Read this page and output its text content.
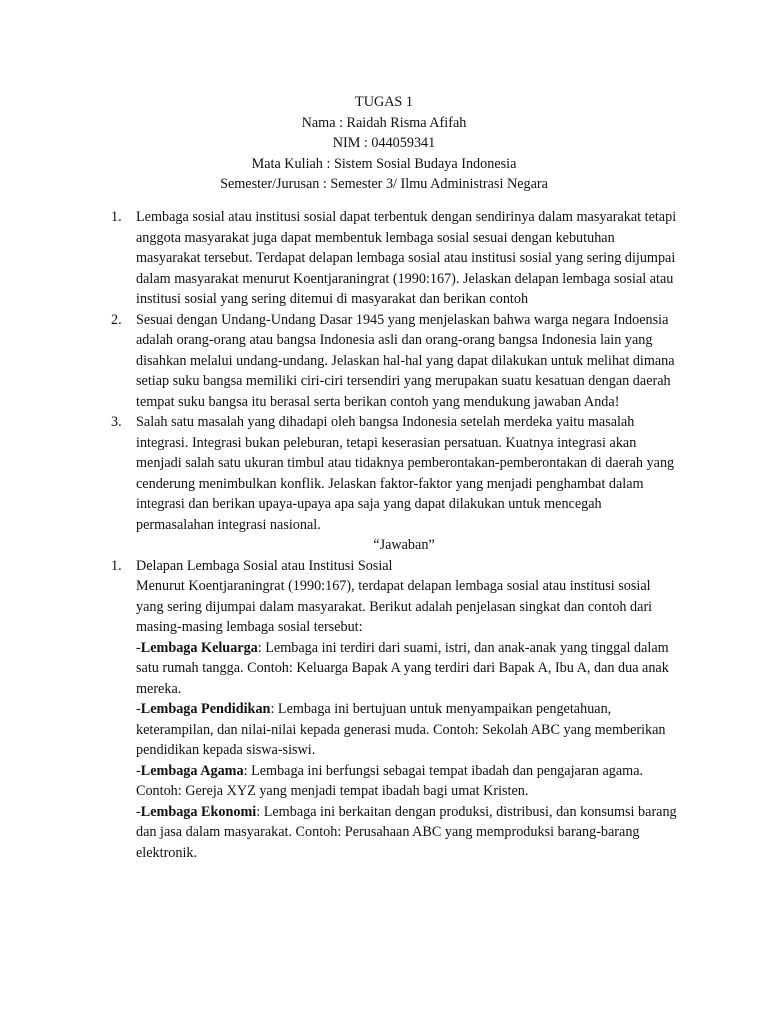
TUGAS 1
Nama : Raidah Risma Afifah
NIM : 044059341
Mata Kuliah : Sistem Sosial Budaya Indonesia
Semester/Jurusan : Semester 3/ Ilmu Administrasi Negara
1. Lembaga sosial atau institusi sosial dapat terbentuk dengan sendirinya dalam masyarakat tetapi anggota masyarakat juga dapat membentuk lembaga sosial sesuai dengan kebutuhan masyarakat tersebut. Terdapat delapan lembaga sosial atau institusi sosial yang sering dijumpai dalam masyarakat menurut Koentjaraningrat (1990:167). Jelaskan delapan lembaga sosial atau institusi sosial yang sering ditemui di masyarakat dan berikan contoh
2. Sesuai dengan Undang-Undang Dasar 1945 yang menjelaskan bahwa warga negara Indoensia adalah orang-orang atau bangsa Indonesia asli dan orang-orang bangsa Indonesia lain yang disahkan melalui undang-undang. Jelaskan hal-hal yang dapat dilakukan untuk melihat dimana setiap suku bangsa memiliki ciri-ciri tersendiri yang merupakan suatu kesatuan dengan daerah tempat suku bangsa itu berasal serta berikan contoh yang mendukung jawaban Anda!
3. Salah satu masalah yang dihadapi oleh bangsa Indonesia setelah merdeka yaitu masalah integrasi. Integrasi bukan peleburan, tetapi keserasian persatuan. Kuatnya integrasi akan menjadi salah satu ukuran timbul atau tidaknya pemberontakan-pemberontakan di daerah yang cenderung menimbulkan konflik. Jelaskan faktor-faktor yang menjadi penghambat dalam integrasi dan berikan upaya-upaya apa saja yang dapat dilakukan untuk mencegah permasalahan integrasi nasional.
“Jawaban”
1. Delapan Lembaga Sosial atau Institusi Sosial
Menurut Koentjaraningrat (1990:167), terdapat delapan lembaga sosial atau institusi sosial yang sering dijumpai dalam masyarakat. Berikut adalah penjelasan singkat dan contoh dari masing-masing lembaga sosial tersebut:
-Lembaga Keluarga: Lembaga ini terdiri dari suami, istri, dan anak-anak yang tinggal dalam satu rumah tangga. Contoh: Keluarga Bapak A yang terdiri dari Bapak A, Ibu A, dan dua anak mereka.
-Lembaga Pendidikan: Lembaga ini bertujuan untuk menyampaikan pengetahuan, keterampilan, dan nilai-nilai kepada generasi muda. Contoh: Sekolah ABC yang memberikan pendidikan kepada siswa-siswi.
-Lembaga Agama: Lembaga ini berfungsi sebagai tempat ibadah dan pengajaran agama. Contoh: Gereja XYZ yang menjadi tempat ibadah bagi umat Kristen.
-Lembaga Ekonomi: Lembaga ini berkaitan dengan produksi, distribusi, dan konsumsi barang dan jasa dalam masyarakat. Contoh: Perusahaan ABC yang memproduksi barang-barang elektronik.
